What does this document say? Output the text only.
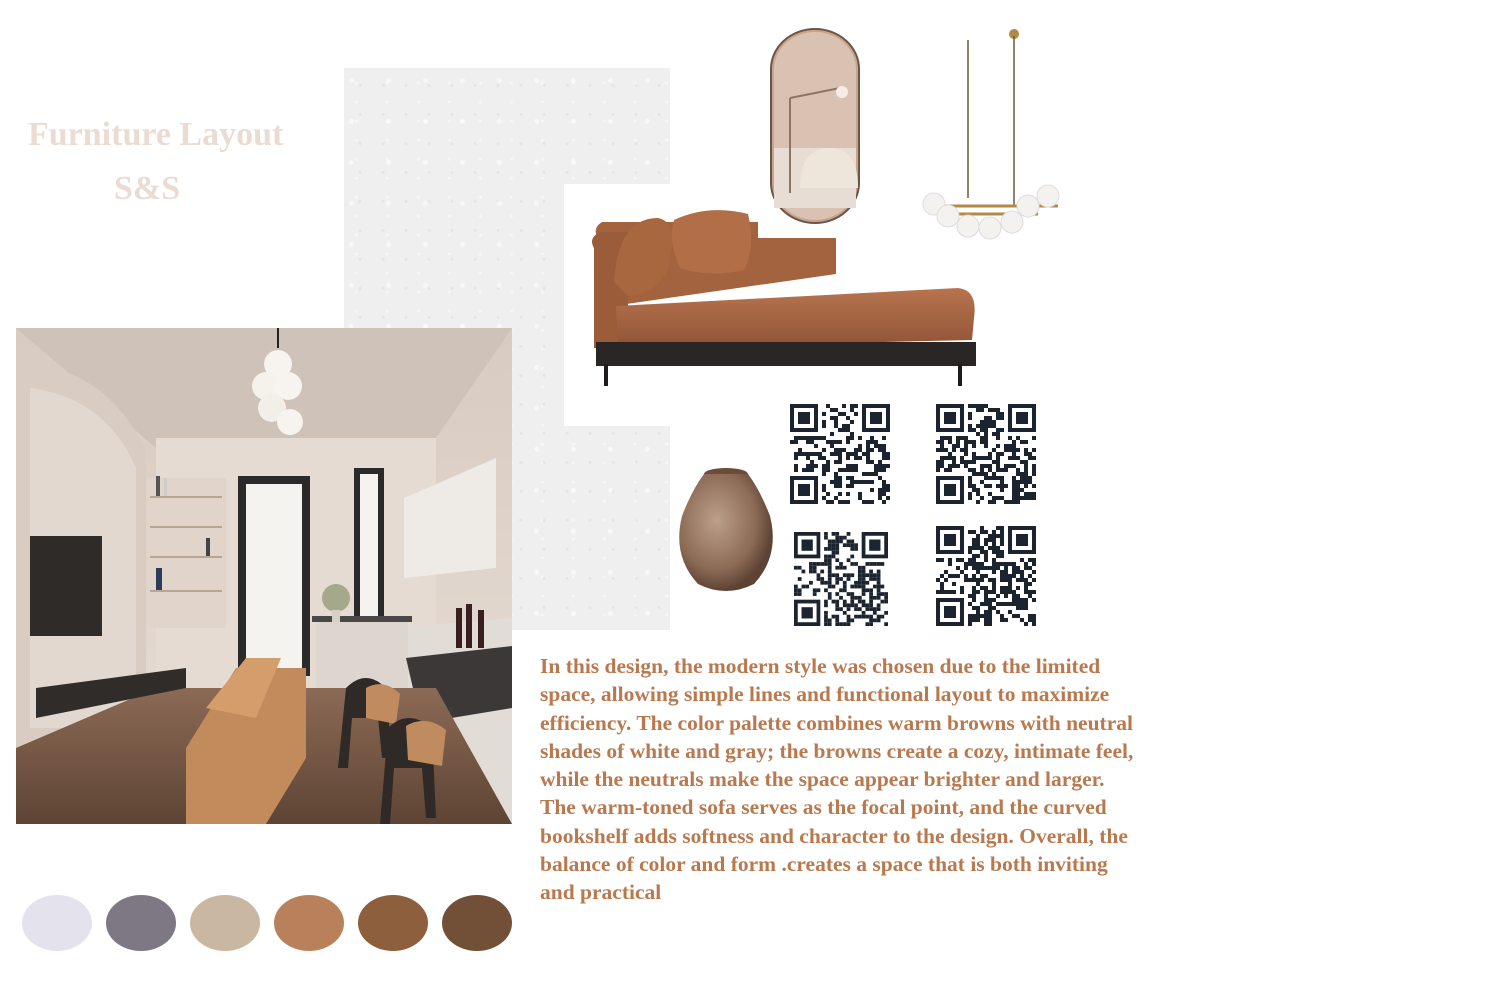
Furniture Layout
S&S
In this design, the modern style was chosen due to the limited space, allowing simple lines and functional layout to maximize efficiency. The color palette combines warm browns with neutral shades of white and gray; the browns create a cozy, intimate feel, while the neutrals make the space appear brighter and larger. The warm-toned sofa serves as the focal point, and the curved bookshelf adds softness and character to the design. Overall, the balance of color and form .creates a space that is both inviting and practical
